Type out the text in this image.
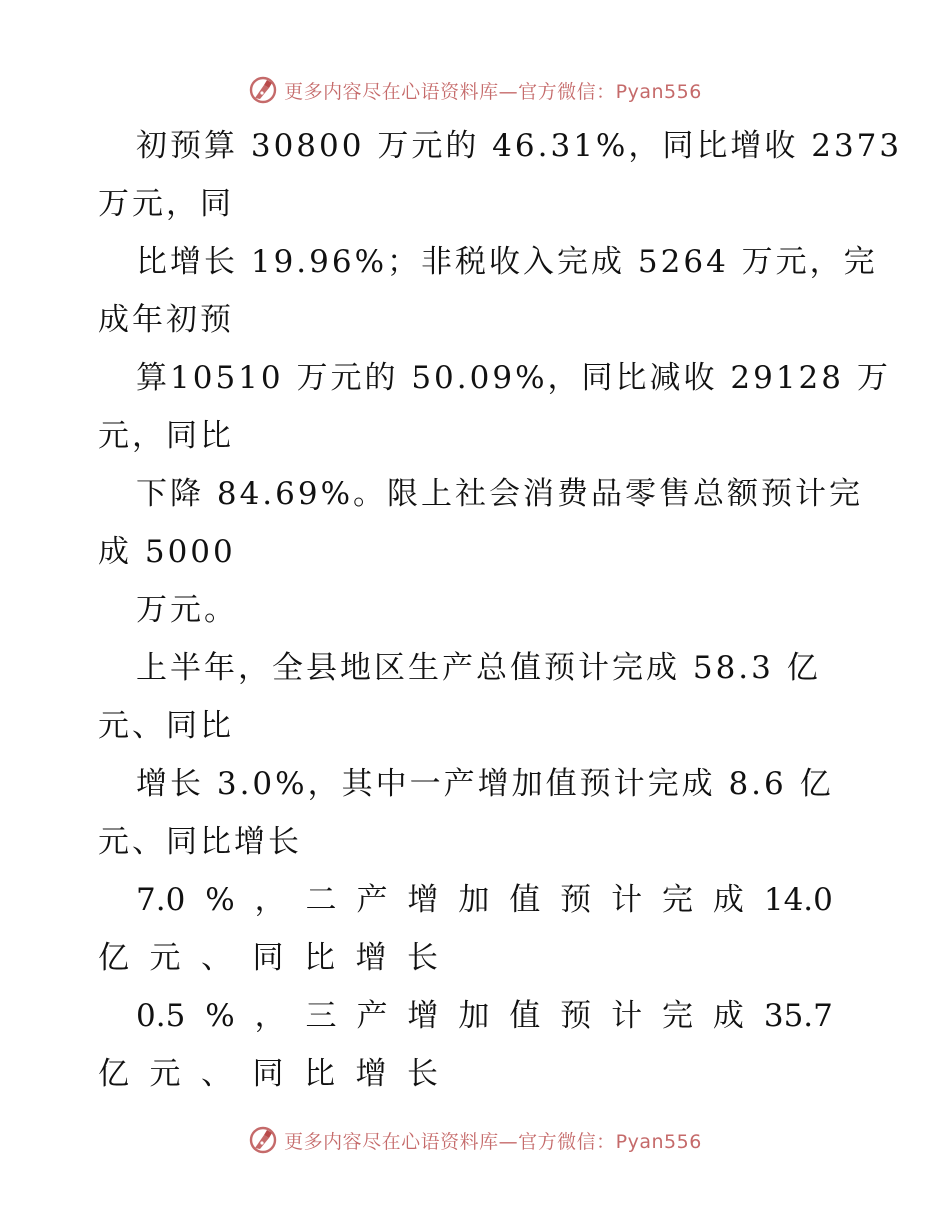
更多内容尽在心语资料库—官方微信：Pyan556
初预算 30800 万元的 46.31%，同比增收 2373
万元，同
比增长 19.96%；非税收入完成 5264 万元，完
成年初预
算10510 万元的 50.09%，同比减收 29128 万
元，同比
下降 84.69%。限上社会消费品零售总额预计完
成 5000
万元。
上半年，全县地区生产总值预计完成 58.3 亿
元、同比
增长 3.0%，其中一产增加值预计完成 8.6 亿
元、同比增长
7.0 % ， 二 产 增 加 值 预 计 完 成 14.0
亿 元 、 同 比 增 长
0.5 % ， 三 产 增 加 值 预 计 完 成 35.7
亿 元 、 同 比 增 长
更多内容尽在心语资料库—官方微信：Pyan556
